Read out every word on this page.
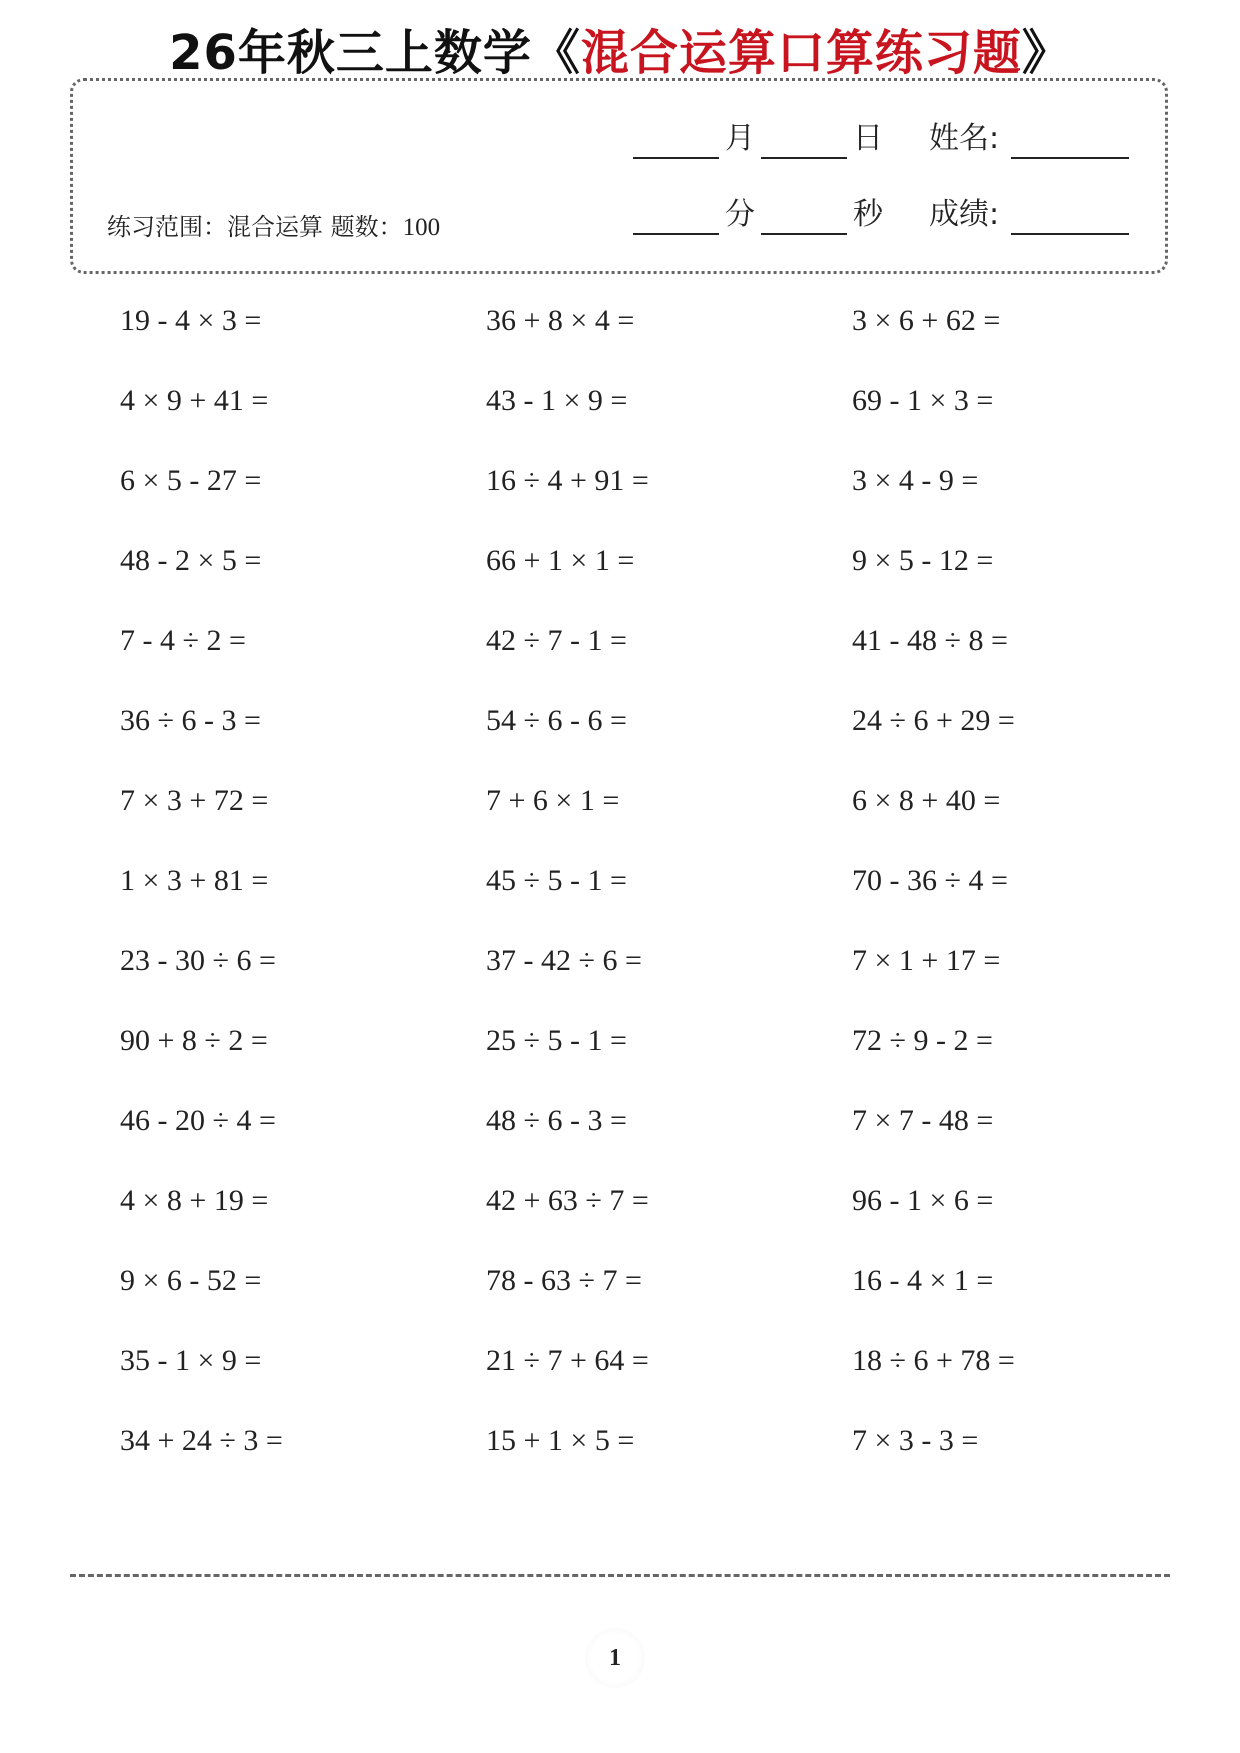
26年秋三上数学《混合运算口算练习题》
练习范围：混合运算 题数：100
月	日 姓名:
分	秒 成绩:
19 - 4 × 3 =	36 + 8 × 4 =	3 × 6 + 62 =
4 × 9 + 41 =	43 - 1 × 9 =	69 - 1 × 3 =
6 × 5 - 27 =	16 ÷ 4 + 91 =	3 × 4 - 9 =
48 - 2 × 5 =	66 + 1 × 1 =	9 × 5 - 12 =
7 - 4 ÷ 2 =	42 ÷ 7 - 1 =	41 - 48 ÷ 8 =
36 ÷ 6 - 3 =	54 ÷ 6 - 6 =	24 ÷ 6 + 29 =
7 × 3 + 72 =	7 + 6 × 1 =	6 × 8 + 40 =
1 × 3 + 81 =	45 ÷ 5 - 1 =	70 - 36 ÷ 4 =
23 - 30 ÷ 6 =	37 - 42 ÷ 6 =	7 × 1 + 17 =
90 + 8 ÷ 2 =	25 ÷ 5 - 1 =	72 ÷ 9 - 2 =
46 - 20 ÷ 4 =	48 ÷ 6 - 3 =	7 × 7 - 48 =
4 × 8 + 19 =	42 + 63 ÷ 7 =	96 - 1 × 6 =
9 × 6 - 52 =	78 - 63 ÷ 7 =	16 - 4 × 1 =
35 - 1 × 9 =	21 ÷ 7 + 64 =	18 ÷ 6 + 78 =
34 + 24 ÷ 3 =	15 + 1 × 5 =	7 × 3 - 3 =
1
